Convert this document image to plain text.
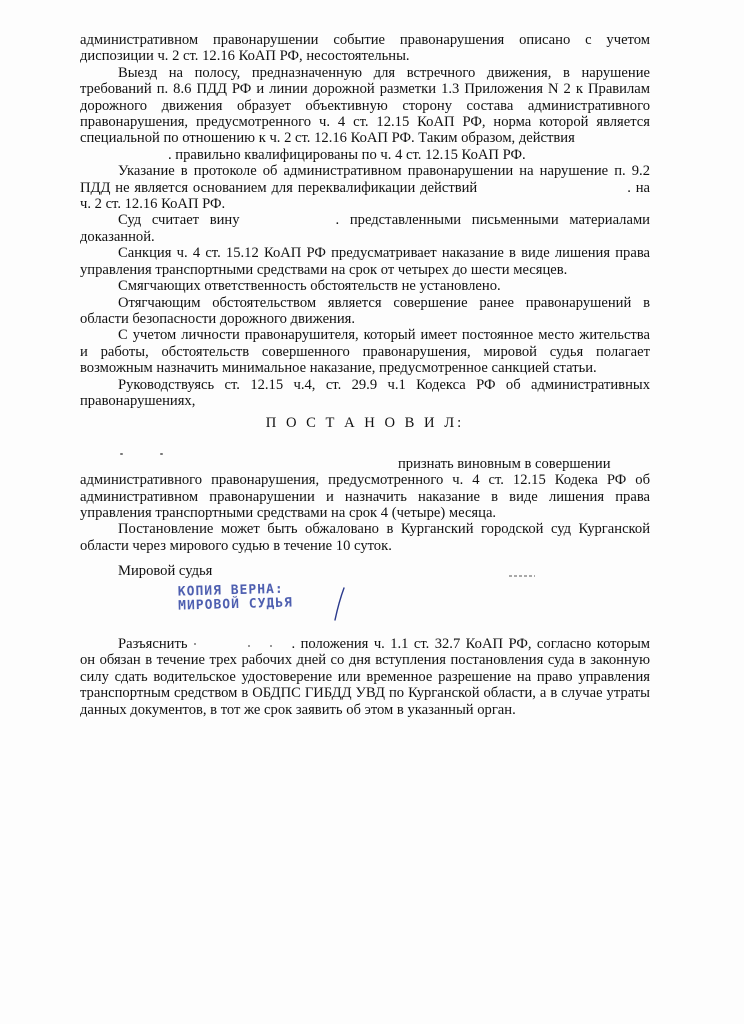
административном правонарушении событие правонарушения описано с учетом диспозиции ч. 2 ст. 12.16 КоАП РФ, несостоятельны.

Выезд на полосу, предназначенную для встречного движения, в нарушение требований п. 8.6 ПДД РФ и линии дорожной разметки 1.3 Приложения N 2 к Правилам дорожного движения образует объективную сторону состава административного правонарушения, предусмотренного ч. 4 ст. 12.15 КоАП РФ, норма которой является специальной по отношению к ч. 2 ст. 12.16 КоАП РФ. Таким образом, действия
. правильно квалифицированы по ч. 4 ст. 12.15 КоАП РФ.

Указание в протоколе об административном правонарушении на нарушение п. 9.2 ПДД не является основанием для переквалификации действий	. на ч. 2 ст. 12.16 КоАП РФ.

Суд считает вину	. представленными письменными материалами доказанной.

Санкция ч. 4 ст. 15.12 КоАП РФ предусматривает наказание в виде лишения права управления транспортными средствами на срок от четырех до шести месяцев.

Смягчающих ответственность обстоятельств не установлено.

Отягчающим обстоятельством является совершение ранее правонарушений в области безопасности дорожного движения.

С учетом личности правонарушителя, который имеет постоянное место жительства и работы, обстоятельств совершенного правонарушения, мировой судья полагает возможным назначить минимальное наказание, предусмотренное санкцией статьи.

Руководствуясь ст. 12.15 ч.4, ст. 29.9 ч.1 Кодекса РФ об административных правонарушениях,

П О С Т А Н О В И Л:

признать виновным в совершении
административного правонарушения, предусмотренного ч. 4 ст. 12.15 Кодека РФ об административном правонарушении и назначить наказание в виде лишения права управления транспортными средствами на срок 4 (четыре) месяца.

Постановление может быть обжаловано в Курганский городской суд Курганской области через мирового судью в течение 10 суток.

Мировой судья
КОПИЯ ВЕРНА:
МИРОВОЙ СУДЬЯ

Разъяснить	. положения ч. 1.1 ст. 32.7 КоАП РФ, согласно которым он обязан в течение трех рабочих дней со дня вступления постановления суда в законную силу сдать водительское удостоверение или временное разрешение на право управления транспортным средством в ОБДПС ГИБДД УВД по Курганской области, а в случае утраты данных документов, в тот же срок заявить об этом в указанный орган.
